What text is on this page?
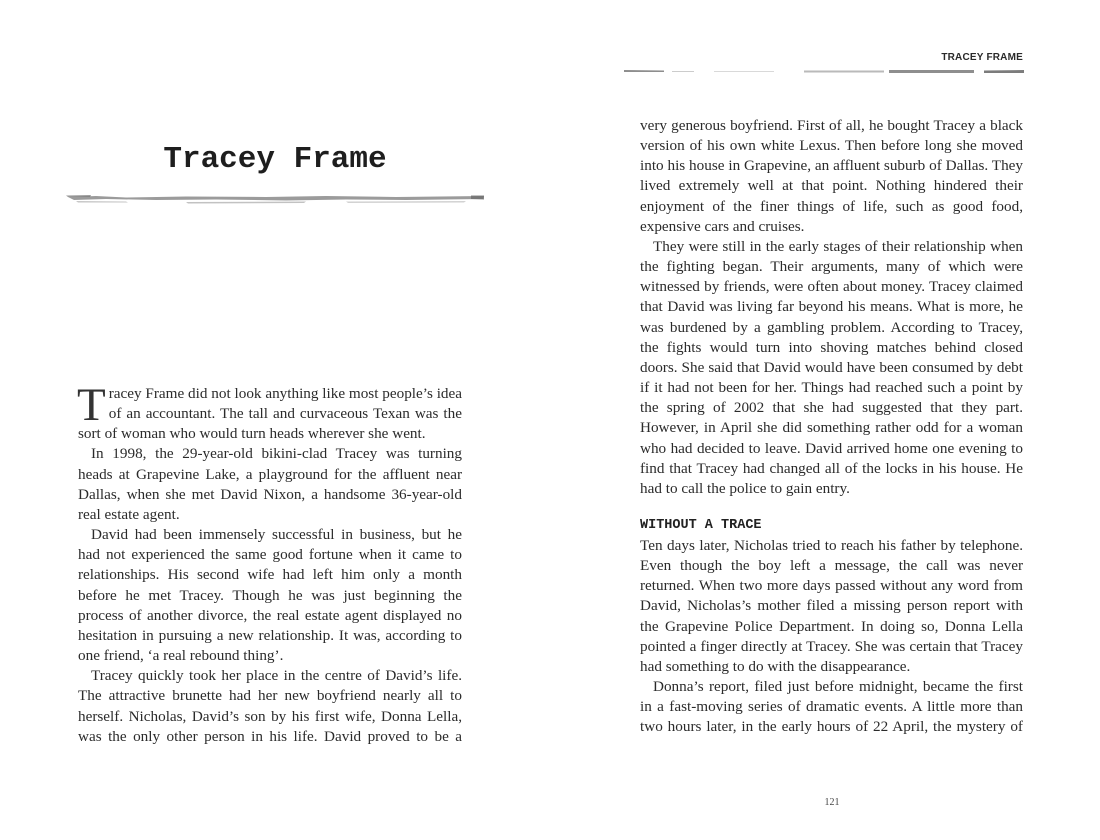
Tracey Frame

Tracey Frame did not look anything like most people’s idea of an accountant. The tall and curvaceous Texan was the sort of woman who would turn heads wherever she went.

In 1998, the 29-year-old bikini-clad Tracey was turning heads at Grapevine Lake, a playground for the affluent near Dallas, when she met David Nixon, a handsome 36-year-old real estate agent.

David had been immensely successful in business, but he had not experienced the same good fortune when it came to relationships. His second wife had left him only a month before he met Tracey. Though he was just beginning the process of another divorce, the real estate agent displayed no hesitation in pursuing a new relationship. It was, according to one friend, ‘a real rebound thing’.

Tracey quickly took her place in the centre of David’s life. The attractive brunette had her new boyfriend nearly all to herself. Nicholas, David’s son by his first wife, Donna Lella, was the only other person in his life. David proved to be a

TRACEY FRAME

very generous boyfriend. First of all, he bought Tracey a black version of his own white Lexus. Then before long she moved into his house in Grapevine, an affluent suburb of Dallas. They lived extremely well at that point. Nothing hindered their enjoyment of the finer things of life, such as good food, expensive cars and cruises.

They were still in the early stages of their relationship when the fighting began. Their arguments, many of which were witnessed by friends, were often about money. Tracey claimed that David was living far beyond his means. What is more, he was burdened by a gambling problem. According to Tracey, the fights would turn into shoving matches behind closed doors. She said that David would have been consumed by debt if it had not been for her. Things had reached such a point by the spring of 2002 that she had suggested that they part. However, in April she did something rather odd for a woman who had decided to leave. David arrived home one evening to find that Tracey had changed all of the locks in his house. He had to call the police to gain entry.

WITHOUT A TRACE

Ten days later, Nicholas tried to reach his father by telephone. Even though the boy left a message, the call was never returned. When two more days passed without any word from David, Nicholas’s mother filed a missing person report with the Grapevine Police Department. In doing so, Donna Lella pointed a finger directly at Tracey. She was certain that Tracey had something to do with the disappearance.

Donna’s report, filed just before midnight, became the first in a fast-moving series of dramatic events. A little more than two hours later, in the early hours of 22 April, the mystery of

121
